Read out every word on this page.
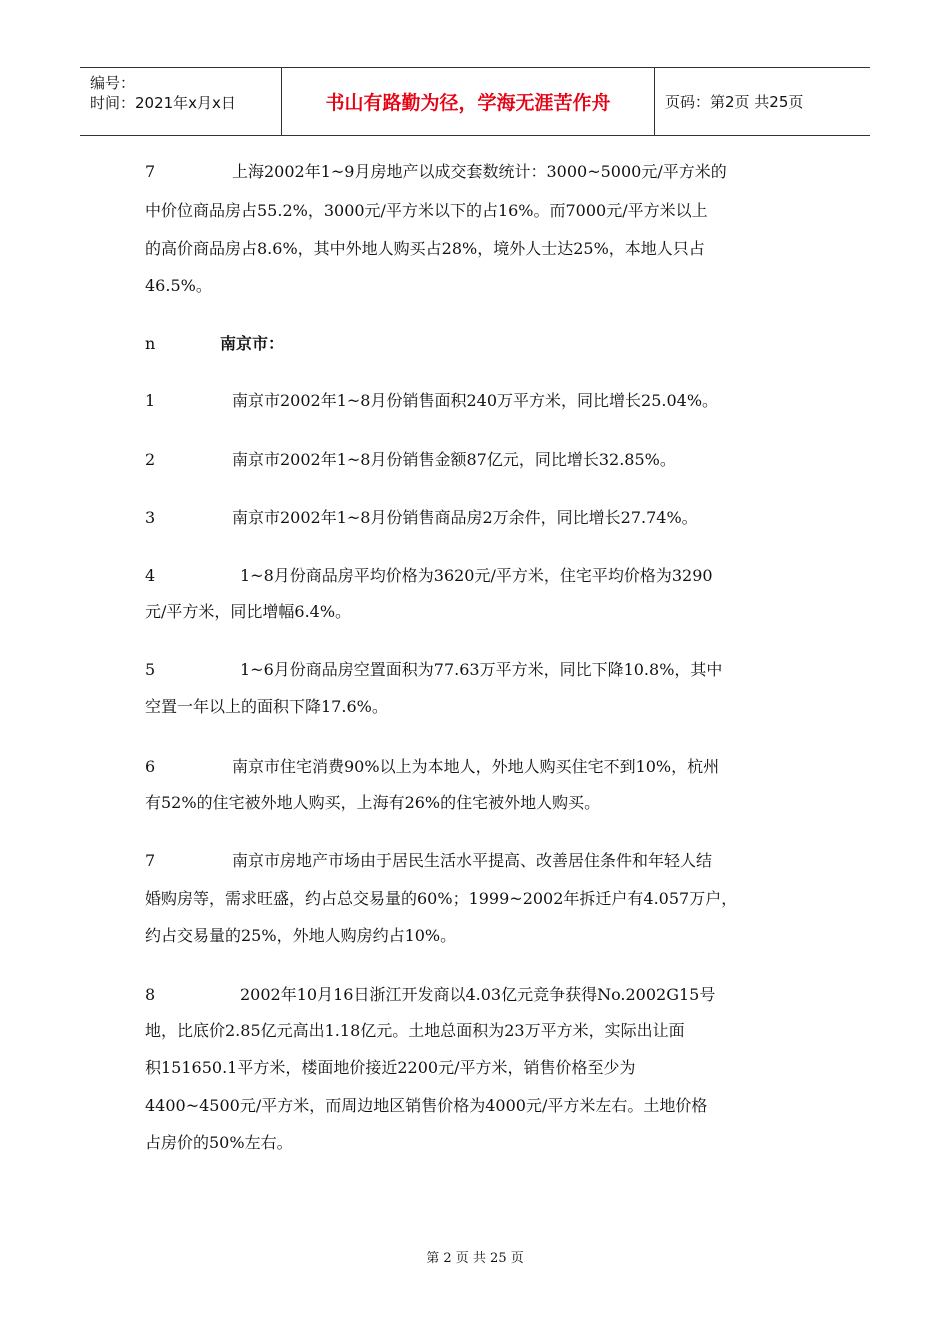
编号：
时间：2021年x月x日	书山有路勤为径，学海无涯苦作舟	页码：第2页 共25页
7	上海2002年1~9月房地产以成交套数统计：3000~5000元/平方米的
中价位商品房占55.2%，3000元/平方米以下的占16%。而7000元/平方米以上
的高价商品房占8.6%，其中外地人购买占28%，境外人士达25%，本地人只占
46.5%。
n	南京市：
1	南京市2002年1~8月份销售面积240万平方米，同比增长25.04%。
2	南京市2002年1~8月份销售金额87亿元，同比增长32.85%。
3	南京市2002年1~8月份销售商品房2万余件，同比增长27.74%。
4	1~8月份商品房平均价格为3620元/平方米，住宅平均价格为3290
元/平方米，同比增幅6.4%。
5	1~6月份商品房空置面积为77.63万平方米，同比下降10.8%，其中
空置一年以上的面积下降17.6%。
6	南京市住宅消费90%以上为本地人，外地人购买住宅不到10%，杭州
有52%的住宅被外地人购买，上海有26%的住宅被外地人购买。
7	南京市房地产市场由于居民生活水平提高、改善居住条件和年轻人结
婚购房等，需求旺盛，约占总交易量的60%；1999~2002年拆迁户有4.057万户，
约占交易量的25%，外地人购房约占10%。
8	2002年10月16日浙江开发商以4.03亿元竞争获得No.2002G15号
地，比底价2.85亿元高出1.18亿元。土地总面积为23万平方米，实际出让面
积151650.1平方米，楼面地价接近2200元/平方米，销售价格至少为
4400~4500元/平方米，而周边地区销售价格为4000元/平方米左右。土地价格
占房价的50%左右。
第 2 页 共 25 页
